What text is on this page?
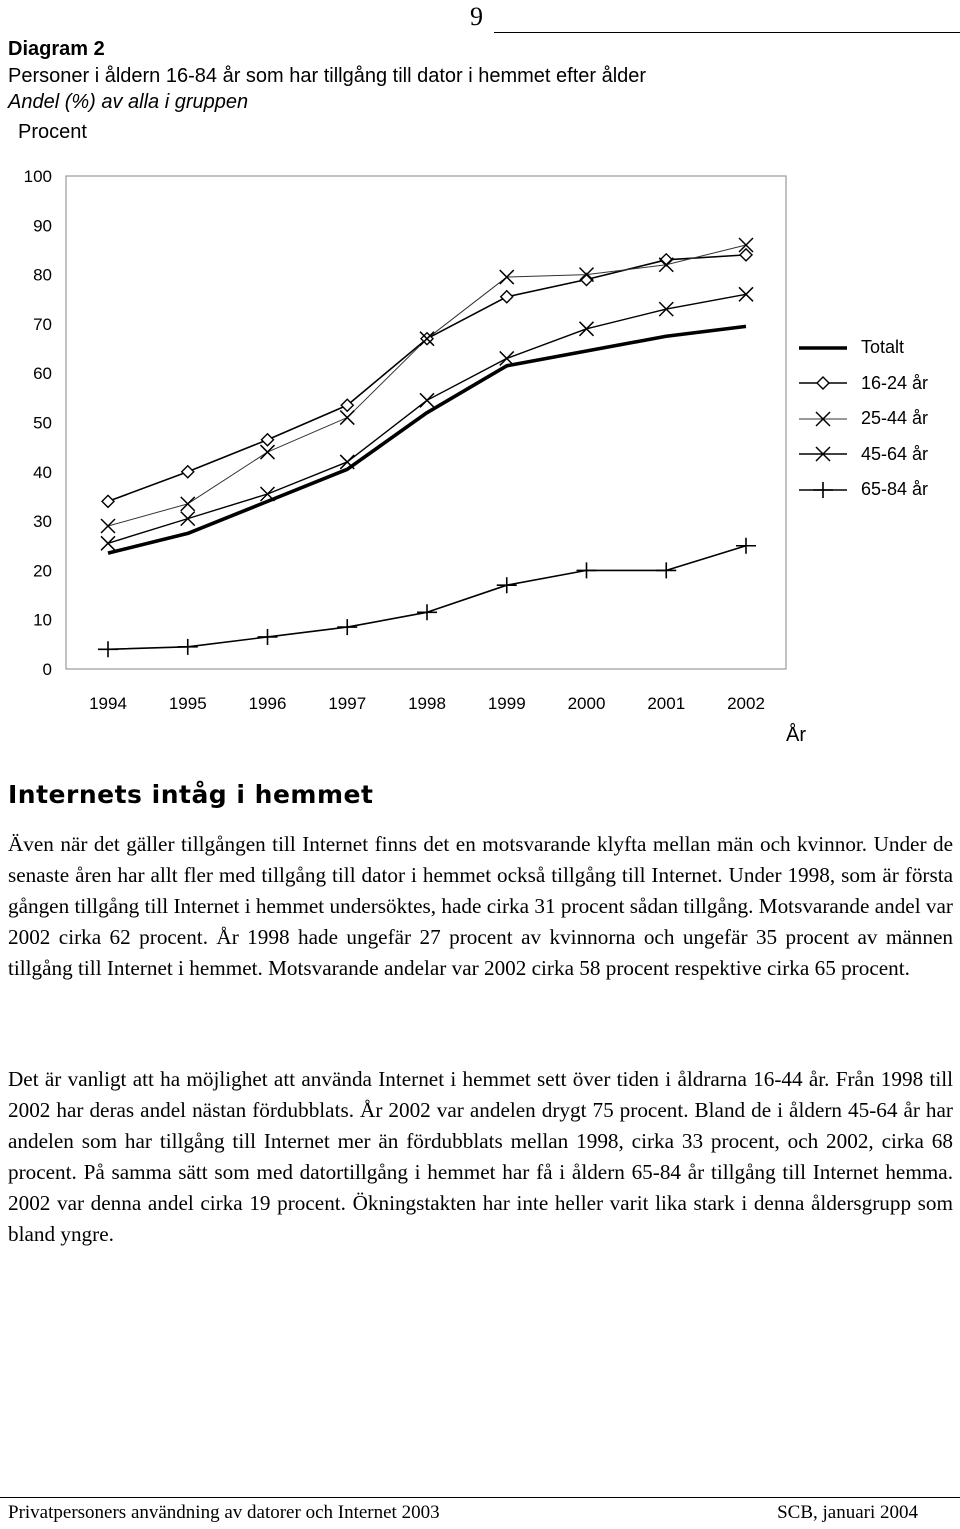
9
Diagram 2
Personer i åldern 16-84 år som har tillgång till dator i hemmet efter ålder
Andel (%) av alla i gruppen
Procent
0
10
20
30
40
50
60
70
80
90
100
1994 1995 1996 1997 1998 1999 2000 2001 2002
Totalt
16-24 år
25-44 år
45-64 år
65-84 år
År
Internets intåg i hemmet

Även när det gäller tillgången till Internet finns det en motsvarande klyfta mellan män och kvinnor. Under de senaste åren har allt fler med tillgång till dator i hemmet också tillgång till Internet. Under 1998, som är första gången tillgång till Internet i hemmet undersöktes, hade cirka 31 procent sådan tillgång. Motsvarande andel var 2002 cirka 62 procent. År 1998 hade ungefär 27 procent av kvinnorna och ungefär 35 procent av männen tillgång till Internet i hemmet. Motsvarande andelar var 2002 cirka 58 procent respektive cirka 65 procent.

Det är vanligt att ha möjlighet att använda Internet i hemmet sett över tiden i åldrarna 16-44 år. Från 1998 till 2002 har deras andel nästan fördubblats. År 2002 var andelen drygt 75 procent. Bland de i åldern 45-64 år har andelen som har tillgång till Internet mer än fördubblats mellan 1998, cirka 33 procent, och 2002, cirka 68 procent. På samma sätt som med datortillgång i hemmet har få i åldern 65-84 år tillgång till Internet hemma. 2002 var denna andel cirka 19 procent. Ökningstakten har inte heller varit lika stark i denna åldersgrupp som bland yngre.

Privatpersoners användning av datorer och Internet 2003	SCB, januari 2004
